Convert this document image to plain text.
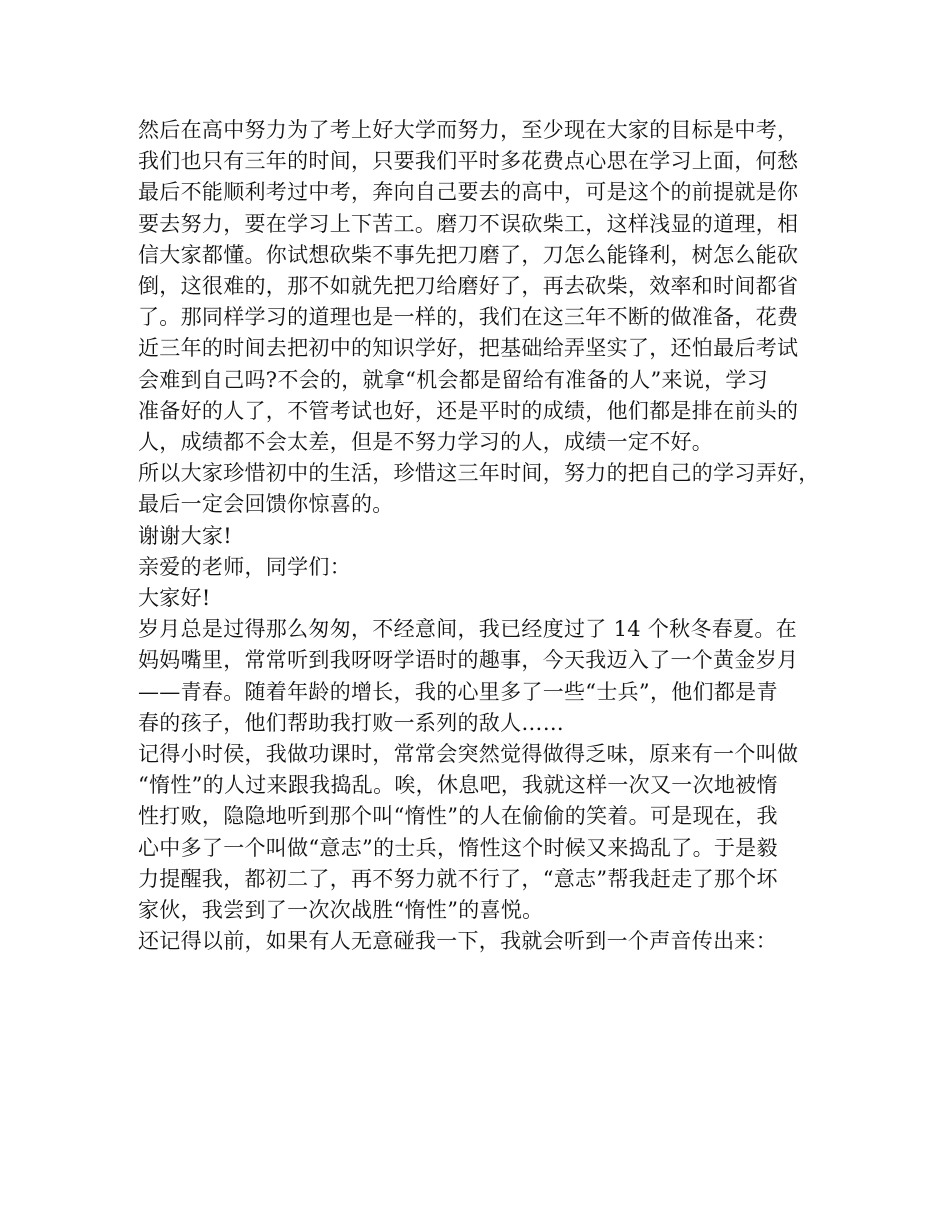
然后在高中努力为了考上好大学而努力，至少现在大家的目标是中考，
我们也只有三年的时间，只要我们平时多花费点心思在学习上面，何愁
最后不能顺利考过中考，奔向自己要去的高中，可是这个的前提就是你
要去努力，要在学习上下苦工。磨刀不误砍柴工，这样浅显的道理，相
信大家都懂。你试想砍柴不事先把刀磨了，刀怎么能锋利，树怎么能砍
倒，这很难的，那不如就先把刀给磨好了，再去砍柴，效率和时间都省
了。那同样学习的道理也是一样的，我们在这三年不断的做准备，花费
近三年的时间去把初中的知识学好，把基础给弄坚实了，还怕最后考试
会难到自己吗?不会的，就拿“机会都是留给有准备的人”来说，学习
准备好的人了，不管考试也好，还是平时的成绩，他们都是排在前头的
人，成绩都不会太差，但是不努力学习的人，成绩一定不好。
所以大家珍惜初中的生活，珍惜这三年时间，努力的把自己的学习弄好，
最后一定会回馈你惊喜的。
谢谢大家!
亲爱的老师，同学们：
大家好!
岁月总是过得那么匆匆，不经意间，我已经度过了 14 个秋冬春夏。在
妈妈嘴里，常常听到我呀呀学语时的趣事，今天我迈入了一个黄金岁月
——青春。随着年龄的增长，我的心里多了一些“士兵”，他们都是青
春的孩子，他们帮助我打败一系列的敌人……
记得小时侯，我做功课时，常常会突然觉得做得乏味，原来有一个叫做
“惰性”的人过来跟我捣乱。唉，休息吧，我就这样一次又一次地被惰
性打败，隐隐地听到那个叫“惰性”的人在偷偷的笑着。可是现在，我
心中多了一个叫做“意志”的士兵，惰性这个时候又来捣乱了。于是毅
力提醒我，都初二了，再不努力就不行了，“意志”帮我赶走了那个坏
家伙，我尝到了一次次战胜“惰性”的喜悦。
还记得以前，如果有人无意碰我一下，我就会听到一个声音传出来：
